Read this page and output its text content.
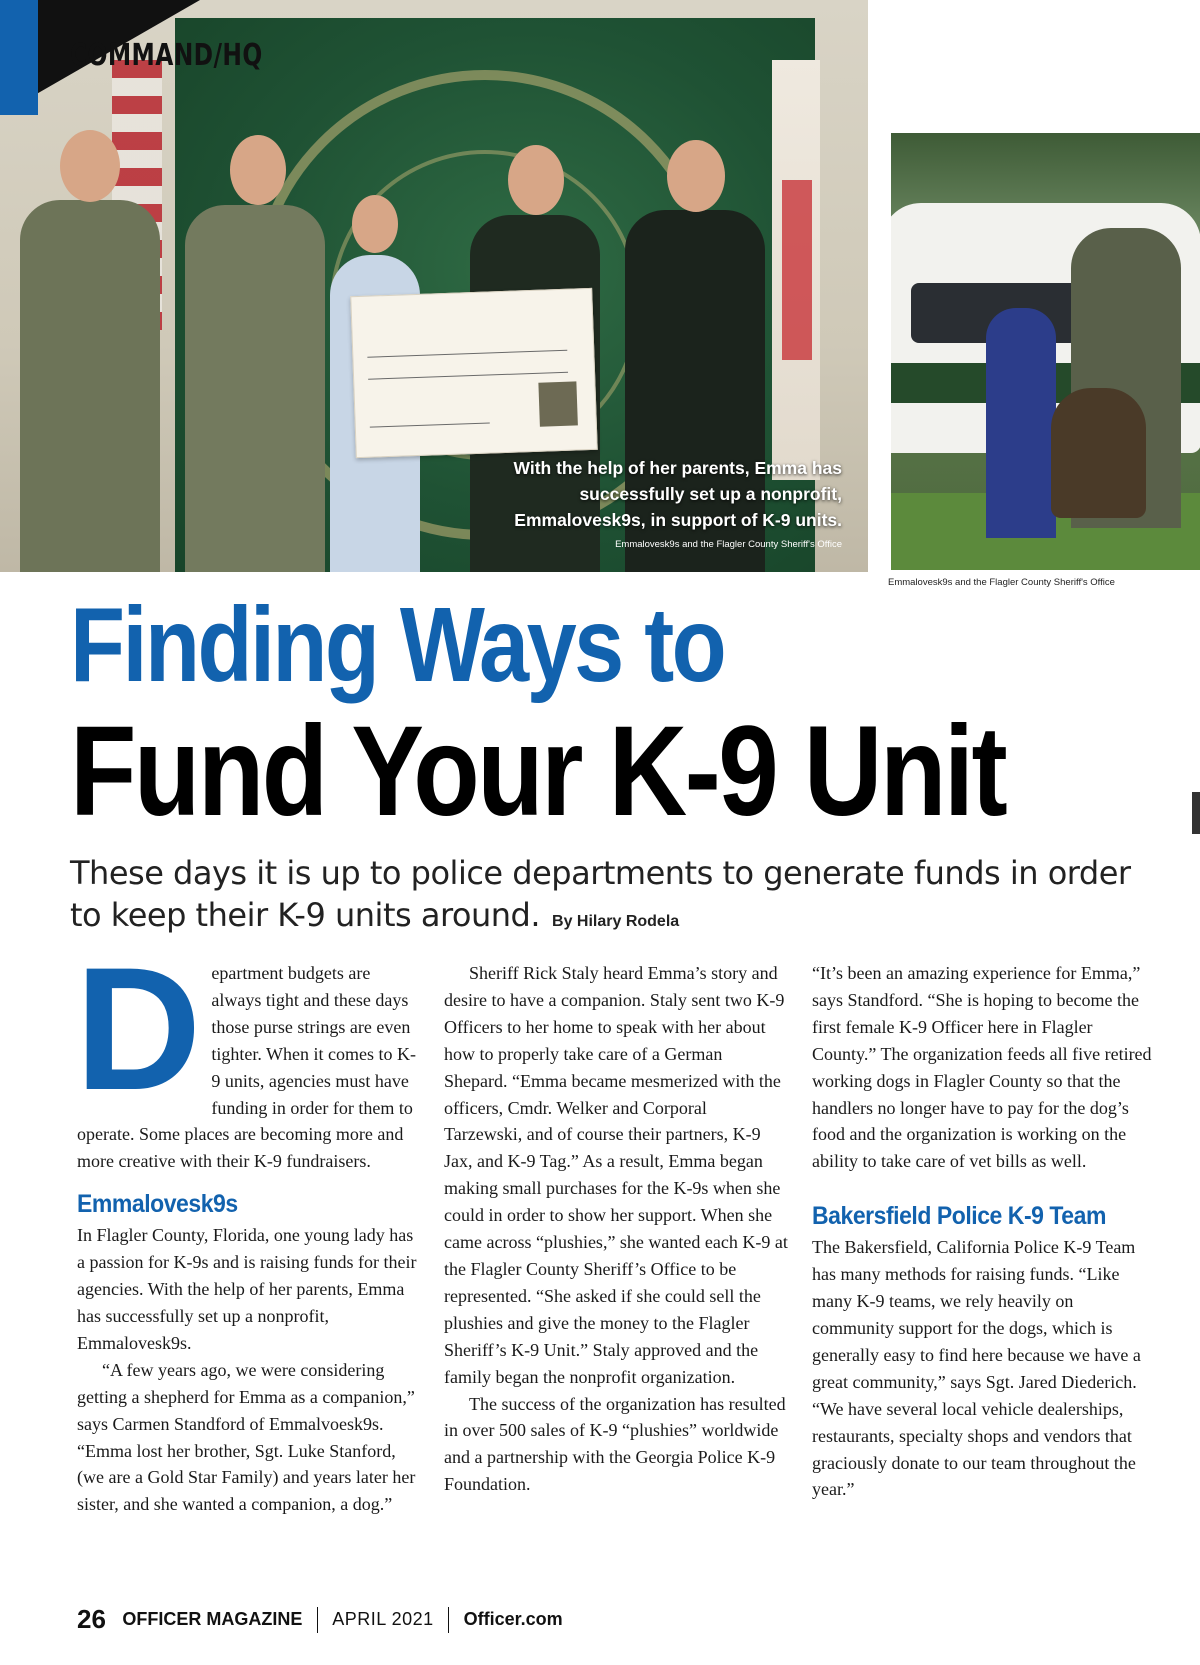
With the help of her parents, Emma has successfully set up a nonprofit, Emmalovesk9s, in support of K-9 units.

Emmalovesk9s and the Flagler County Sheriff's Office

COMMAND/HQ

Emmalovesk9s and the Flagler County Sheriff's Office

Finding Ways to
Fund Your K-9 Unit

These days it is up to police departments to generate funds in order to keep their K-9 units around. By Hilary Rodela

Department budgets are always tight and these days those purse strings are even tighter. When it comes to K-9 units, agencies must have funding in order for them to operate. Some places are becoming more and more creative with their K-9 fundraisers.

Emmalovesk9s

In Flagler County, Florida, one young lady has a passion for K-9s and is raising funds for their agencies. With the help of her parents, Emma has successfully set up a nonprofit, Emmalovesk9s.

“A few years ago, we were considering getting a shepherd for Emma as a companion,” says Carmen Standford of Emmalvoesk9s. “Emma lost her brother, Sgt. Luke Stanford, (we are a Gold Star Family) and years later her sister, and she wanted a companion, a dog.”

Sheriff Rick Staly heard Emma’s story and desire to have a companion. Staly sent two K-9 Officers to her home to speak with her about how to properly take care of a German Shepard. “Emma became mesmerized with the officers, Cmdr. Welker and Corporal Tarzewski, and of course their partners, K-9 Jax, and K-9 Tag.” As a result, Emma began making small purchases for the K-9s when she could in order to show her support. When she came across “plushies,” she wanted each K-9 at the Flagler County Sheriff’s Office to be represented. “She asked if she could sell the plushies and give the money to the Flagler Sheriff’s K-9 Unit.” Staly approved and the family began the nonprofit organization.

The success of the organization has resulted in over 500 sales of K-9 “plushies” worldwide and a partnership with the Georgia Police K-9 Foundation.

“It’s been an amazing experience for Emma,” says Standford. “She is hoping to become the first female K-9 Officer here in Flagler County.” The organization feeds all five retired working dogs in Flagler County so that the handlers no longer have to pay for the dog’s food and the organization is working on the ability to take care of vet bills as well.

Bakersfield Police K-9 Team

The Bakersfield, California Police K-9 Team has many methods for raising funds. “Like many K-9 teams, we rely heavily on community support for the dogs, which is generally easy to find here because we have a great community,” says Sgt. Jared Diederich. “We have several local vehicle dealerships, restaurants, specialty shops and vendors that graciously donate to our team throughout the year.”

26 OFFICER MAGAZINE APRIL 2021 Officer.com
